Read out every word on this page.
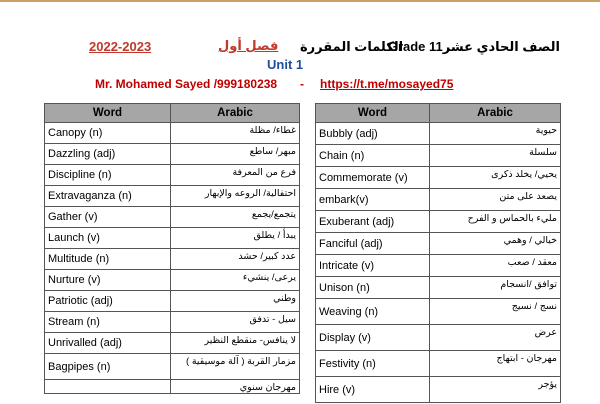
الصف الحادي عشرGrade 11
الكلمات المقررة
فصل أول
2022-2023
Unit 1
Mr. Mohamed Sayed /999180238 - https://t.me/mosayed75
Word	Arabic
Canopy (n)	غطاء/ مظلة
Dazzling (adj)	مبهر/ ساطع
Discipline (n)	فرع من المعرفة
Extravaganza (n)	احتفالية/ الروعه والإبهار
Gather (v)	يتجمع/يجمع
Launch (v)	يبدأ / يطلق
Multitude (n)	عدد كبير/ حشد
Nurture (v)	يرعى/ ينشيء
Patriotic (adj)	وطني
Stream (n)	سيل - تدفق
Unrivalled (adj)	لا ينافس- منقطع النظير
Bagpipes (n)	مزمار القربة ( آلة موسيقية )
	مهرجان سنوي
Word	Arabic
Bubbly (adj)	حيوية
Chain (n)	سلسلة
Commemorate (v)	يحيي/ يخلد ذكرى
embark(v)	يصعد على متن
Exuberant (adj)	مليء بالحماس و الفرح
Fanciful (adj)	خيالي / وهمي
Intricate (v)	معقد / صعب
Unison (n)	توافق /انسجام
Weaving (n)	نسج / نسيج
Display (v)	عرض
Festivity (n)	مهرجان - ابتهاج
Hire (v)	يؤجر
